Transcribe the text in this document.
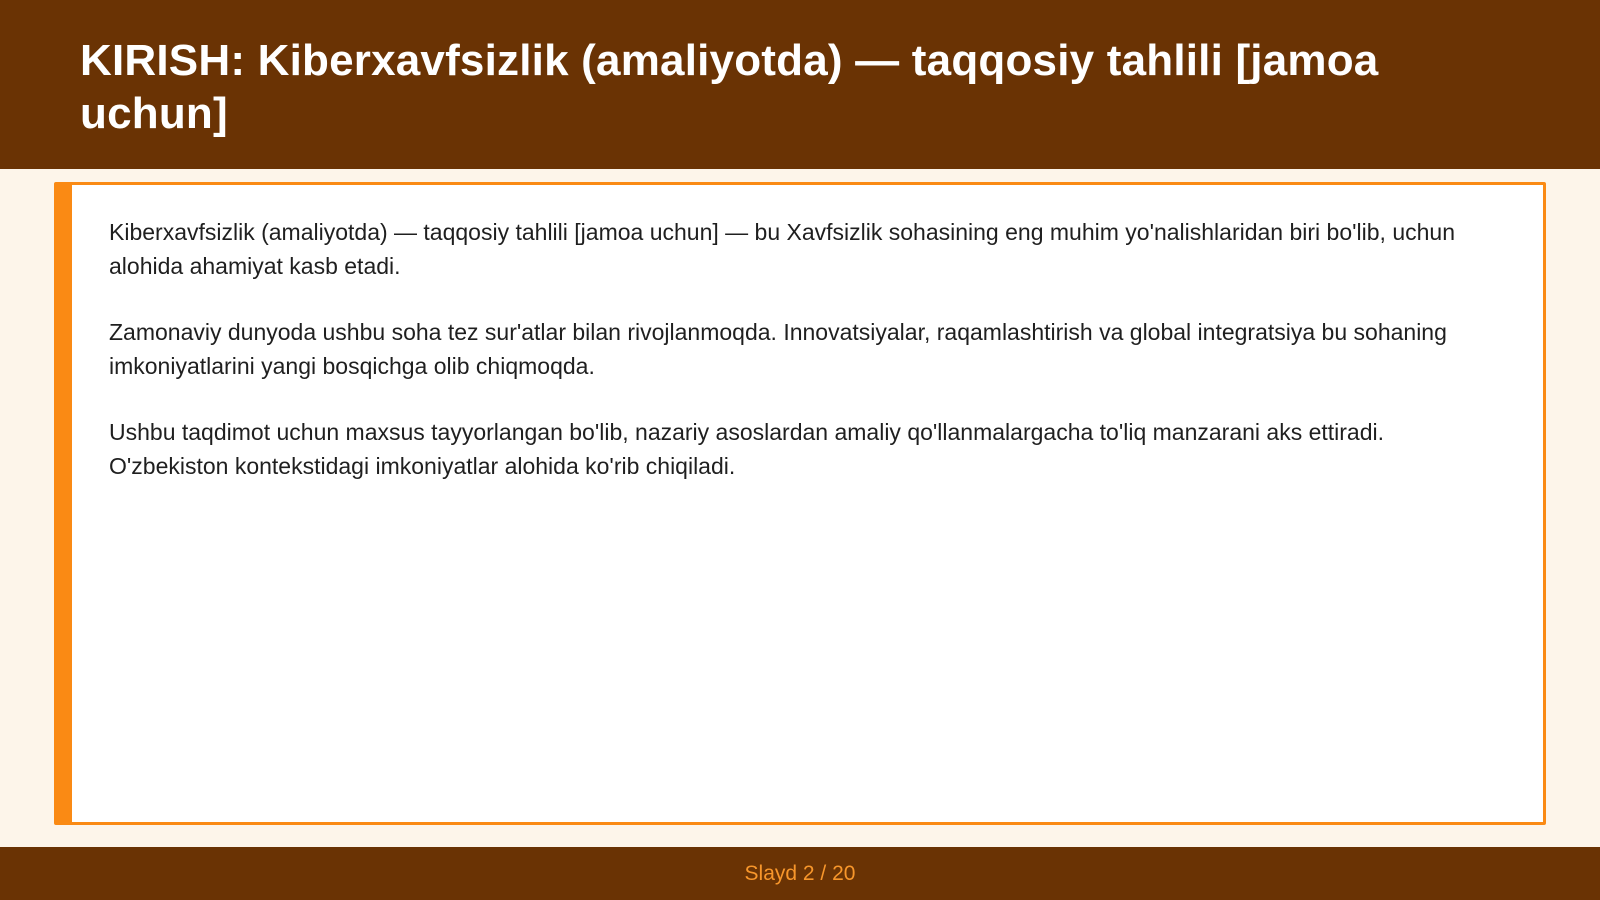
KIRISH: Kiberxavfsizlik (amaliyotda) — taqqosiy tahlili [jamoa uchun]

Kiberxavfsizlik (amaliyotda) — taqqosiy tahlili [jamoa uchun] — bu Xavfsizlik sohasining eng muhim yo'nalishlaridan biri bo'lib, uchun alohida ahamiyat kasb etadi.

Zamonaviy dunyoda ushbu soha tez sur'atlar bilan rivojlanmoqda. Innovatsiyalar, raqamlashtirish va global integratsiya bu sohaning imkoniyatlarini yangi bosqichga olib chiqmoqda.

Ushbu taqdimot uchun maxsus tayyorlangan bo'lib, nazariy asoslardan amaliy qo'llanmalargacha to'liq manzarani aks ettiradi. O'zbekiston kontekstidagi imkoniyatlar alohida ko'rib chiqiladi.

Slayd 2 / 20
